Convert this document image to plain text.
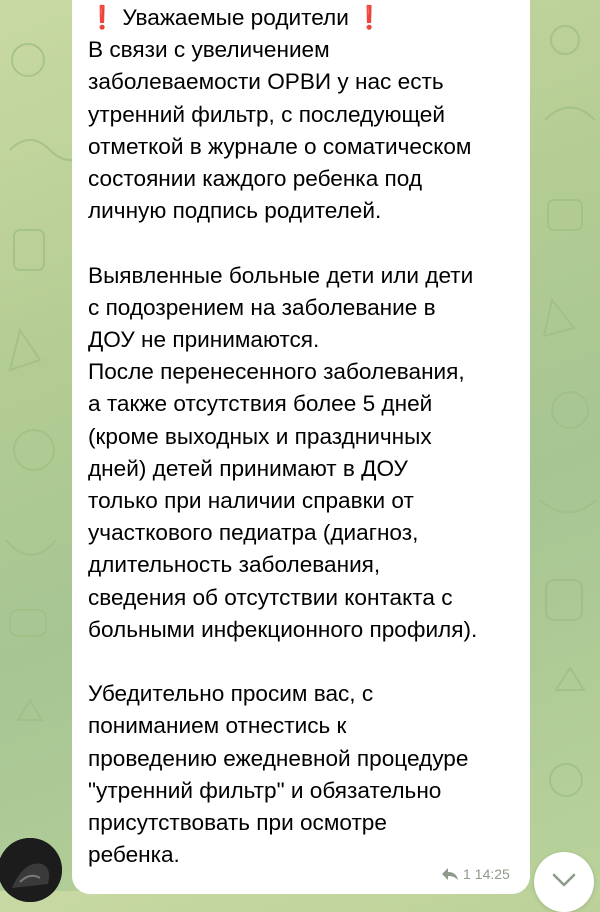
❗ Уважаемые родители ❗
В связи с увеличением
заболеваемости ОРВИ у нас есть
утренний фильтр, с последующей
отметкой в журнале о соматическом
состоянии каждого ребенка под
личную подпись родителей.

Выявленные больные дети или дети
с подозрением на заболевание в
ДОУ не принимаются.
После перенесенного заболевания,
а также отсутствия более 5 дней
(кроме выходных и праздничных
дней) детей принимают в ДОУ
только при наличии справки от
участкового педиатра (диагноз,
длительность заболевания,
сведения об отсутствии контакта с
больными инфекционного профиля).

Убедительно просим вас, с
пониманием отнестись к
проведению ежедневной процедуре
"утренний фильтр" и обязательно
присутствовать при осмотре
ребенка.
1 14:25
